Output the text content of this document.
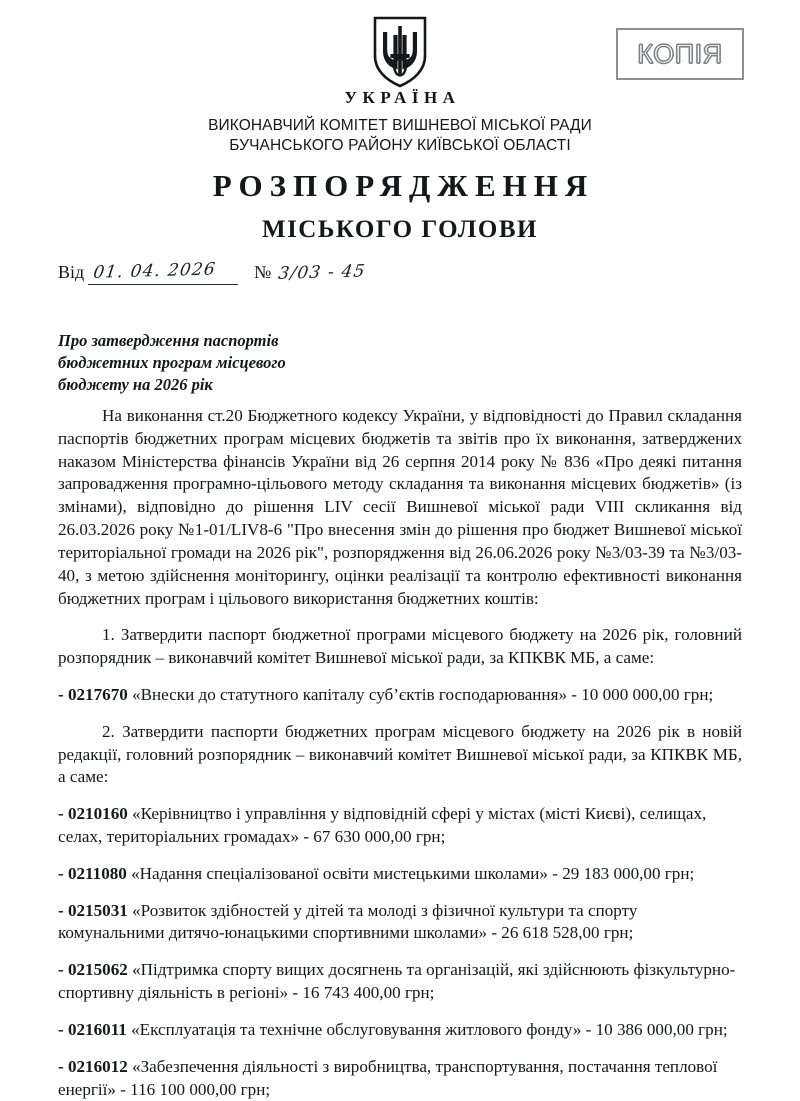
КОПІЯ
УКРАЇНА
ВИКОНАВЧИЙ КОМІТЕТ ВИШНЕВОЇ МІСЬКОЇ РАДИ
БУЧАНСЬКОГО РАЙОНУ КИЇВСЬКОЇ ОБЛАСТІ
РОЗПОРЯДЖЕННЯ
МІСЬКОГО ГОЛОВИ
Від 01. 04. 2026 № 3/03 - 45
Про затвердження паспортів
бюджетних програм місцевого
бюджету на 2026 рік

На виконання ст.20 Бюджетного кодексу України, у відповідності до Правил складання паспортів бюджетних програм місцевих бюджетів та звітів про їх виконання, затверджених наказом Міністерства фінансів України від 26 серпня 2014 року № 836 «Про деякі питання запровадження програмно-цільового методу складання та виконання місцевих бюджетів» (із змінами), відповідно до рішення LIV сесії Вишневої міської ради VIII скликання від 26.03.2026 року №1-01/LIV8-6 "Про внесення змін до рішення про бюджет Вишневої міської територіальної громади на 2026 рік", розпорядження від 26.06.2026 року №3/03-39 та №3/03-40, з метою здійснення моніторингу, оцінки реалізації та контролю ефективності виконання бюджетних програм і цільового використання бюджетних коштів:

1. Затвердити паспорт бюджетної програми місцевого бюджету на 2026 рік, головний розпорядник – виконавчий комітет Вишневої міської ради, за КПКВК МБ, а саме:

- 0217670 «Внески до статутного капіталу суб’єктів господарювання» - 10 000 000,00 грн;

2. Затвердити паспорти бюджетних програм місцевого бюджету на 2026 рік в новій редакції, головний розпорядник – виконавчий комітет Вишневої міської ради, за КПКВК МБ, а саме:

- 0210160 «Керівництво і управління у відповідній сфері у містах (місті Києві), селищах, селах, територіальних громадах» - 67 630 000,00 грн;

- 0211080 «Надання спеціалізованої освіти мистецькими школами» - 29 183 000,00 грн;

- 0215031 «Розвиток здібностей у дітей та молоді з фізичної культури та спорту комунальними дитячо-юнацькими спортивними школами» - 26 618 528,00 грн;

- 0215062 «Підтримка спорту вищих досягнень та організацій, які здійснюють фізкультурно-спортивну діяльність в регіоні» - 16 743 400,00 грн;

- 0216011 «Експлуатація та технічне обслуговування житлового фонду» - 10 386 000,00 грн;

- 0216012 «Забезпечення діяльності з виробництва, транспортування, постачання теплової енергії» - 116 100 000,00 грн;
